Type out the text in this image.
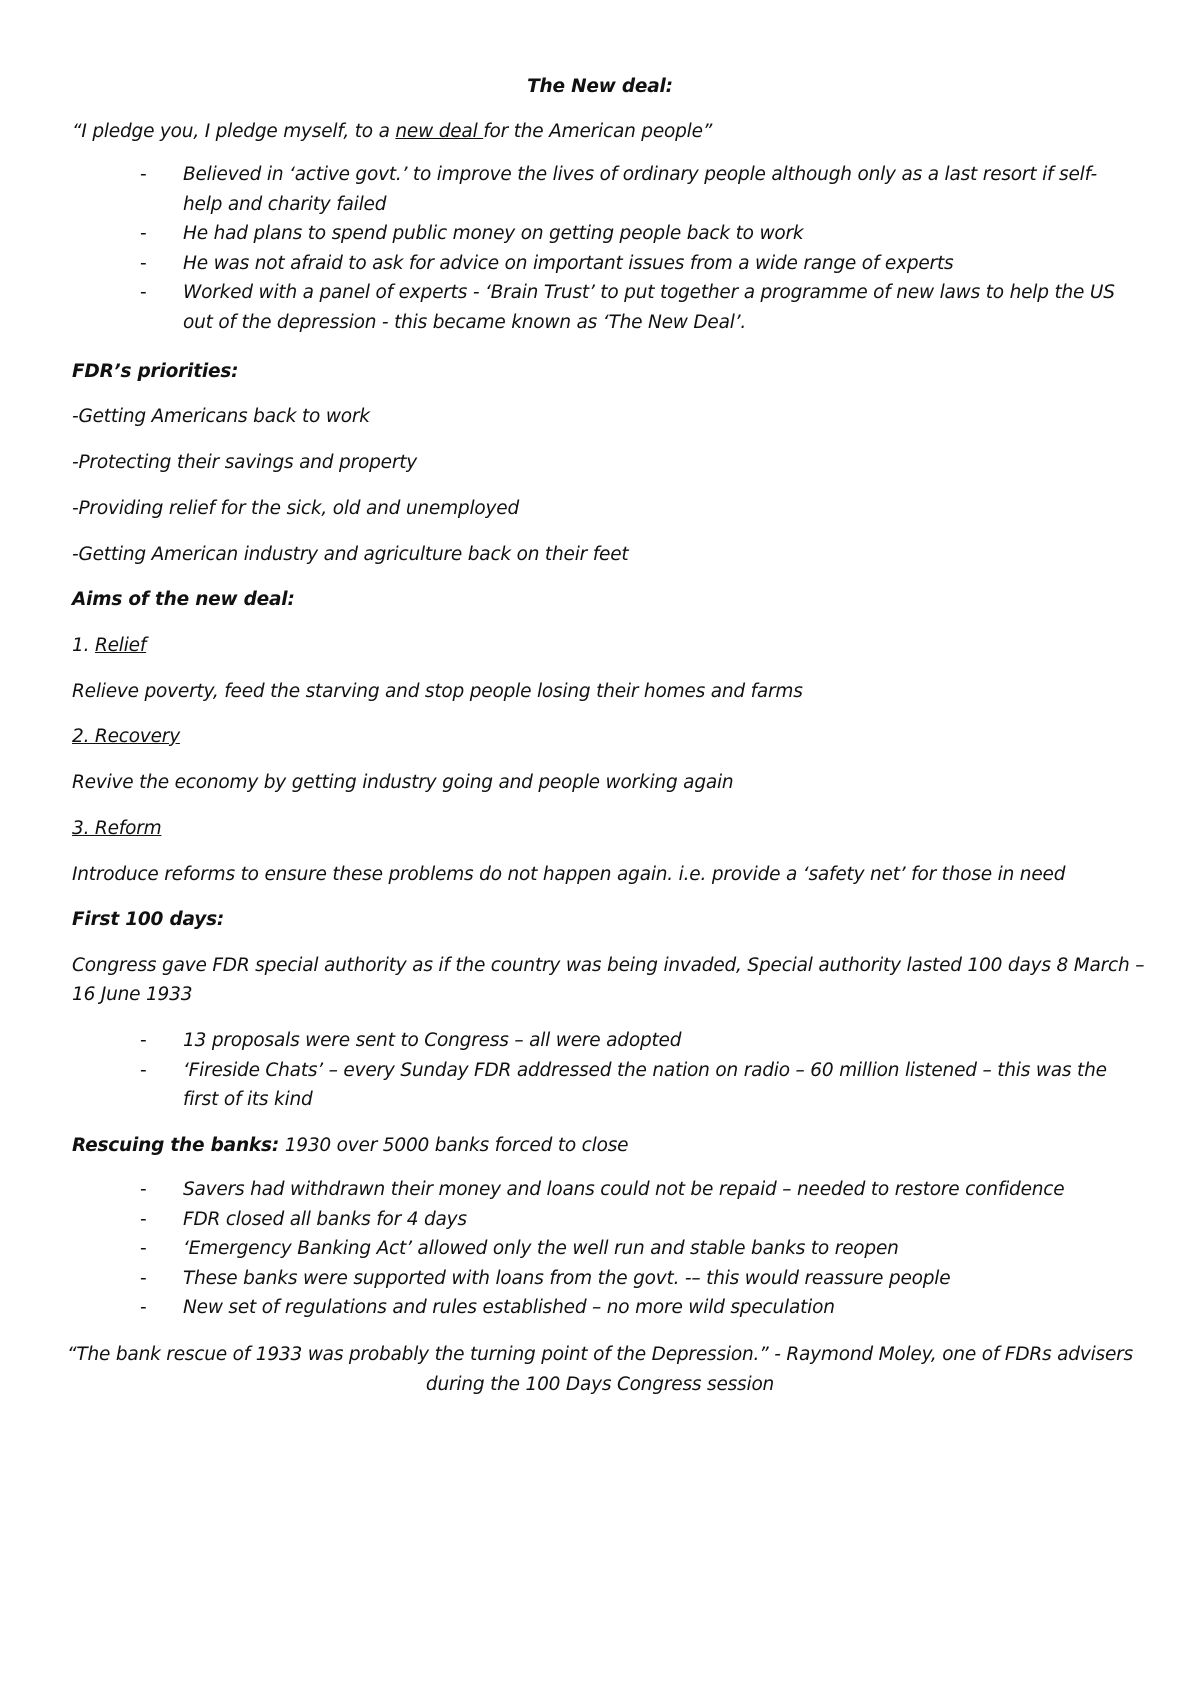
The New deal:
“I pledge you, I pledge myself, to a new deal for the American people”
- Believed in ‘active govt.’ to improve the lives of ordinary people although only as a last resort if self-help and charity failed
- He had plans to spend public money on getting people back to work
- He was not afraid to ask for advice on important issues from a wide range of experts
- Worked with a panel of experts - ‘Brain Trust’ to put together a programme of new laws to help the US out of the depression - this became known as ‘The New Deal’.
FDR’s priorities:
-Getting Americans back to work
-Protecting their savings and property
-Providing relief for the sick, old and unemployed
-Getting American industry and agriculture back on their feet
Aims of the new deal:
1. Relief
Relieve poverty, feed the starving and stop people losing their homes and farms
2. Recovery
Revive the economy by getting industry going and people working again
3. Reform
Introduce reforms to ensure these problems do not happen again. i.e. provide a ‘safety net’ for those in need
First 100 days:
Congress gave FDR special authority as if the country was being invaded, Special authority lasted 100 days 8 March –
16 June 1933
- 13 proposals were sent to Congress – all were adopted
- ‘Fireside Chats’ – every Sunday FDR addressed the nation on radio – 60 million listened – this was the first of its kind
Rescuing the banks: 1930 over 5000 banks forced to close
- Savers had withdrawn their money and loans could not be repaid – needed to restore confidence
- FDR closed all banks for 4 days
- ‘Emergency Banking Act’ allowed only the well run and stable banks to reopen
- These banks were supported with loans from the govt. -– this would reassure people
- New set of regulations and rules established – no more wild speculation
“The bank rescue of 1933 was probably the turning point of the Depression.” - Raymond Moley, one of FDRs advisers
during the 100 Days Congress session
